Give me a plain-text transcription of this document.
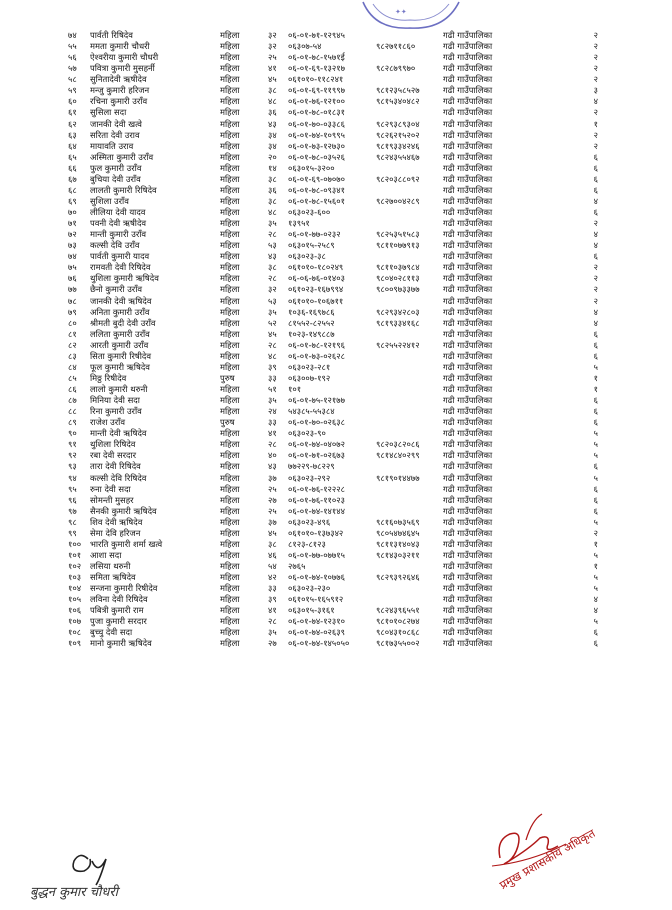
✦✦
७४ पार्वती रिषिदेव	महिला	३२ ०६-०१-७१-१२९४५	गढी गाउँपालिका	२
५५ ममता कुमारी चौधरी	महिला	३२ ०६३०७-५४	९८२७११८६०	गढी गाउँपालिका	२
५६ ऐश्वरीया कुमारी चौधरी	महिला	२५ ०६-०१-७८-१५७१ई	गढी गाउँपालिका	२
५७ पवित्रा कुमारी मुसहर्नी	महिला	४१ ०६-०१-६९-१३२१७	९८२८७९९७०	गढी गाउँपालिका	२
५८ सुनितादेवी ऋषीदेव	महिला	४५ ०६१०१०-११८२४१	गढी गाउँपालिका	२
५९ मन्जु कुमारी हरिजन	महिला	३८ ०६-०१-६९-११९९७	९८१२३५८५२७	गढी गाउँपालिका	३
६० रचिना कुमारी उराँव	महिला	४८ ०६-०१-७६-१२१००	९८१५३४०४८२	गढी गाउँपालिका	४
६१ सुसिला सदा	महिला	३६ ०६-०१-७८-०१८३१	गढी गाउँपालिका	२
६२ जानकी देवी खत्वे	महिला	४३ ०६-०१-७०-०३३८६	९८२९३८९३०४	गढी गाउँपालिका	१
६३ सरिता देवी उराव	महिला	३४ ०६-०१-७४-१०९९५	९८२६२१५२०२	गढी गाउँपालिका	२
६४ मायावति उराव	महिला	३४ ०६-०१-७३-१२७३०	९८१९३३४२४६	गढी गाउँपालिका	२
६५ अस्मिता कुमारी उराँव	महिला	२० ०६-०१-७८-०३५२६	९८२४३५५४६७	गढी गाउँपालिका	६
६६ फुल कुमारी उराँव	महिला	१४ ०६३०१५-३२००	गढी गाउँपालिका	६
६७ बुचिया देवी उराँव	महिला	३८ ०६-०१-६९-०७०७०	९८२०३८८०९२	गढी गाउँपालिका	६
६८ लालती कुमारी रिषिदेव	महिला	३६ ०६-०१-७८-०९३४१	गढी गाउँपालिका	६
६९ सुशिला उराँव	महिला	३८ ०६-०१-७८-१५६०१	९८२७००४२८९	गढी गाउँपालिका	४
७० लीलिया देवी यादव	महिला	४८ ०६३०२३-६००	गढी गाउँपालिका	६
७१ पवनी देवी ऋषीदेव	महिला	३५ १३९५१	गढी गाउँपालिका	२
७२ मान्ती कुमारी उराँव	महिला	२८ ०६-०१-७७-०२३२	९८२५३५१५८३	गढी गाउँपालिका	४
७३ कल्सी देवि उराँव	महिला	५३ ०६३०१५-२५८९	९८११०७७९१३	गढी गाउँपालिका	४
७४ पार्वती कुमारी यादव	महिला	४३ ०६३०२३-३८	गढी गाउँपालिका	६
७५ रामवती देवी रिषिदेव	महिला	३८ ०६१०१०-१८०२४९	९८११०३७९८४	गढी गाउँपालिका	२
७६ थुशिला कुमारी ऋषिदेव	महिला	२८ ०६-०६-७६-०१४०३	९८०४०२८११३	गढी गाउँपालिका	२
७७ छैनो कुमारी उराँव	महिला	३२ ०६१०२३-१६७९९४	९८००९७३३७७	गढी गाउँपालिका	२
७८ जानकी देवी ऋषिदेव	महिला	५३ ०६१०१०-१०६७११	गढी गाउँपालिका	२
७९ अनिता कुमारी उराँव	महिला	३५ १०३६-१६९७८६	९८२९३४२८०३	गढी गाउँपालिका	४
८० श्रीमती बुदी देवी उराँव	महिला	५२ ८१५५२-८२५५२	९८१९३३४१६८	गढी गाउँपालिका	४
८१ ललिता कुमारी उराँव	महिला	४५ १०२३-१४९८८७	गढी गाउँपालिका	६
८२ आरती कुमारी उराँव	महिला	२८ ०६-०१-७८-१२१९६	९८२५५२२४१२	गढी गाउँपालिका	६
८३ सिता कुमारी रिषीदेव	महिला	४८ ०६-०१-७३-०२६२८	गढी गाउँपालिका	६
८४ फूल कुमारी ऋषिदेव	महिला	३९ ०६३०२३-२८१	गढी गाउँपालिका	५
८५ मिठ्ठ रिषीदेव	पुरुष	३३ ०६३००७-१९२	गढी गाउँपालिका	१
८६ लालो कुमारी थरुनी	महिला	५१ १०१	गढी गाउँपालिका	१
८७ मिनिया देवी सदा	महिला	३५ ०६-०१-७५-१२१७७	गढी गाउँपालिका	६
८८ रिना कुमारी उराँव	महिला	२४ ५४३८५-५५३८४	गढी गाउँपालिका	६
८९ राजेश उराँव	पुरुष	३३ ०६-०१-७०-०२६३८	गढी गाउँपालिका	६
९० मान्ती देवी ऋषिदेव	महिला	४१ ०६३०२३-९०	गढी गाउँपालिका	५
९१ थुशिला रिषिदेव	महिला	२८ ०६-०१-७४-०४०७२	९८२०३८२०८६	गढी गाउँपालिका	५
९२ रबा देवी सरदार	महिला	४० ०६-०१-७१-०२६७३	९८१४८४०२९९	गढी गाउँपालिका	५
९३ तारा देवी रिषिदेव	महिला	४३ ७७२२९-७८२२९	गढी गाउँपालिका	६
९४ कल्सी देवि रिषिदेव	महिला	३७ ०६३०२३-२९२	९८१९०१४४७७	गढी गाउँपालिका	५
९५ रुना देवी सदा	महिला	२५ ०६-०१-७६-१२२२८	गढी गाउँपालिका	६
९६ सोमन्ती मुसहर	महिला	२७ ०६-०१-७६-११०२३	गढी गाउँपालिका	६
९७ सैनकी कुमारी ऋषिदेव	महिला	२५ ०६-०१-७४-१४१४४	गढी गाउँपालिका	६
९८ शिव देवी ऋषिदेव	महिला	३७ ०६३०२३-४९६	९८१६०७३५६९	गढी गाउँपालिका	५
९९ सेमा देवि हरिजन	महिला	४५ ०६१०१०-१३७३४२	९८०५४७४६४५	गढी गाउँपालिका	२
१०० भारति कुमारी शर्मा खत्वे	महिला	३८ ८१२३-८१२३	९८११३१४०४३	गढी गाउँपालिका	१
१०१ आशा सदा	महिला	४६ ०६-०१-७७-०७७१५	९८१४३०३२११	गढी गाउँपालिका	५
१०२ लसिया थरुनी	महिला	५४ २७६५	गढी गाउँपालिका	१
१०३ समिता ऋषिदेव	महिला	४२ ०६-०१-७४-१०७७६	९८२९३९२६४६	गढी गाउँपालिका	५
१०४ सन्जना कुमारी रिषीदेव	महिला	३३ ०६३०२३-२३०	गढी गाउँपालिका	५
१०५ लविना देवी रिषिदेव	महिला	३९ ०६१०१५-१६५९१२	गढी गाउँपालिका	४
१०६ पबित्री कुमारी राम	महिला	४१ ०६३०१५-३१६१	९८२४३९६५५१	गढी गाउँपालिका	४
१०७ पुजा कुमारी सरदार	महिला	२८ ०६-०१-७४-१२३१०	९८१०१०८२७४	गढी गाउँपालिका	५
१०८ बुच्चु देवी सदा	महिला	३५ ०६-०१-७४-०२६३९	९८०४३१०८६८	गढी गाउँपालिका	६
१०९ मानो कुमारी ऋषिदेव	महिला	२७ ०६-०१-७४-१४५०५०	९८१७३५५००२	गढी गाउँपालिका	६
बुद्धन कुमार चौधरी
प्रमुख प्रशासकीय अधिकृत
